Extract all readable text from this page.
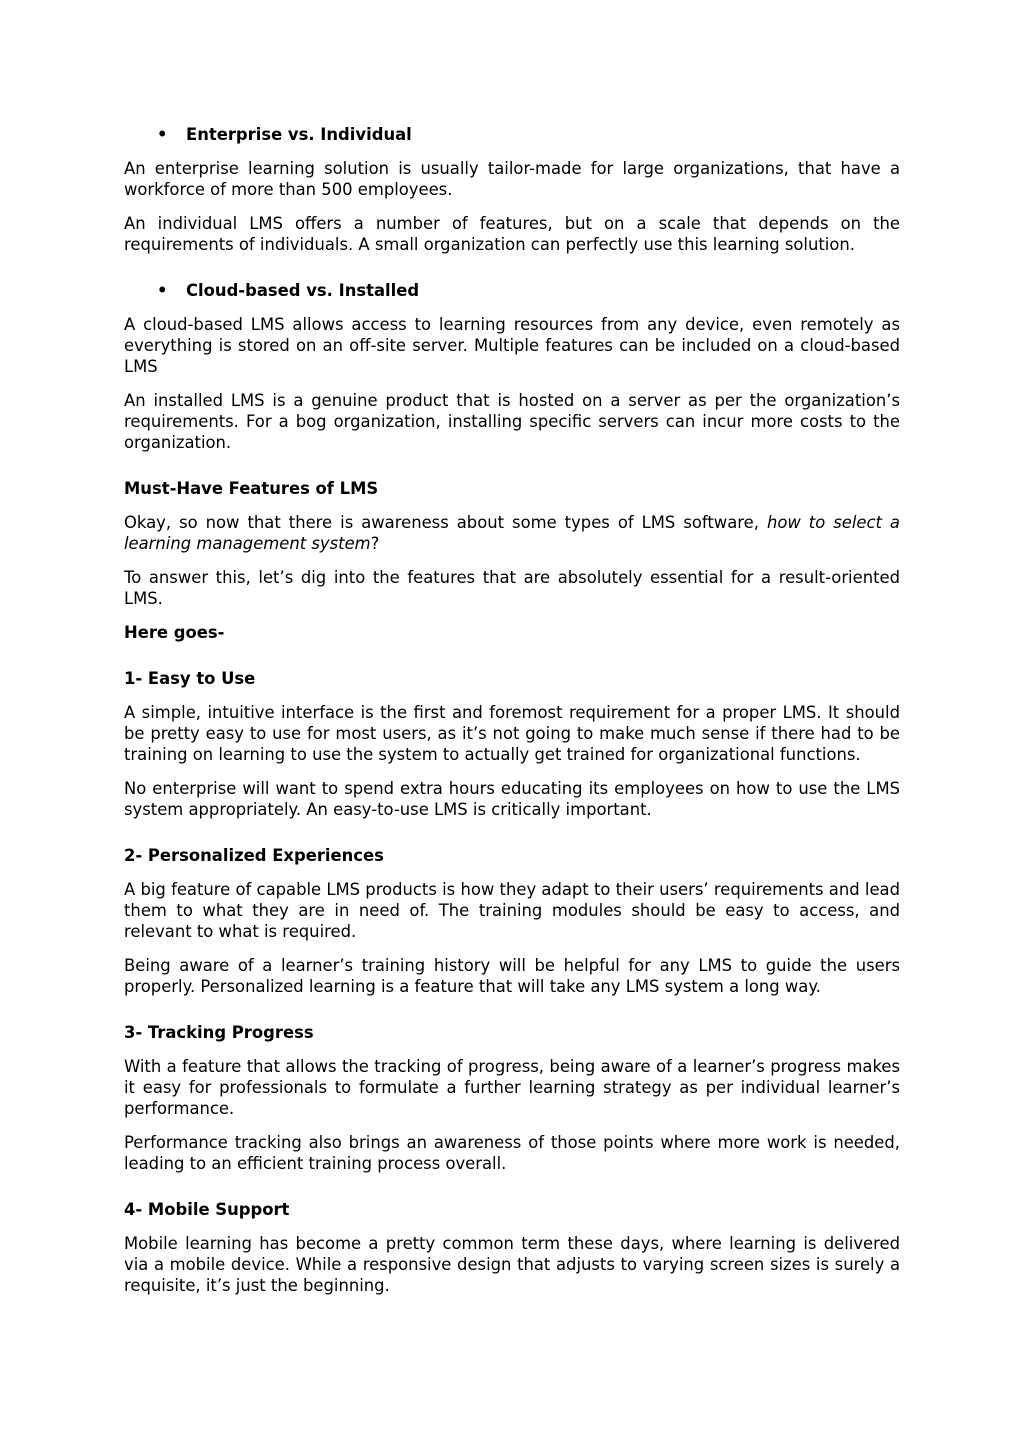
•	Enterprise vs. Individual

An enterprise learning solution is usually tailor-made for large organizations, that have a workforce of more than 500 employees.

An individual LMS offers a number of features, but on a scale that depends on the requirements of individuals. A small organization can perfectly use this learning solution.

•	Cloud-based vs. Installed

A cloud-based LMS allows access to learning resources from any device, even remotely as everything is stored on an off-site server. Multiple features can be included on a cloud-based LMS

An installed LMS is a genuine product that is hosted on a server as per the organization’s requirements. For a bog organization, installing specific servers can incur more costs to the organization.

Must-Have Features of LMS

Okay, so now that there is awareness about some types of LMS software, how to select a learning management system?

To answer this, let’s dig into the features that are absolutely essential for a result-oriented LMS.

Here goes-
1- Easy to Use

A simple, intuitive interface is the first and foremost requirement for a proper LMS. It should be pretty easy to use for most users, as it’s not going to make much sense if there had to be training on learning to use the system to actually get trained for organizational functions.

No enterprise will want to spend extra hours educating its employees on how to use the LMS system appropriately. An easy-to-use LMS is critically important.

2- Personalized Experiences

A big feature of capable LMS products is how they adapt to their users’ requirements and lead them to what they are in need of. The training modules should be easy to access, and relevant to what is required.

Being aware of a learner’s training history will be helpful for any LMS to guide the users properly. Personalized learning is a feature that will take any LMS system a long way.

3- Tracking Progress

With a feature that allows the tracking of progress, being aware of a learner’s progress makes it easy for professionals to formulate a further learning strategy as per individual learner’s performance.

Performance tracking also brings an awareness of those points where more work is needed, leading to an efficient training process overall.

4- Mobile Support

Mobile learning has become a pretty common term these days, where learning is delivered via a mobile device. While a responsive design that adjusts to varying screen sizes is surely a requisite, it’s just the beginning.
